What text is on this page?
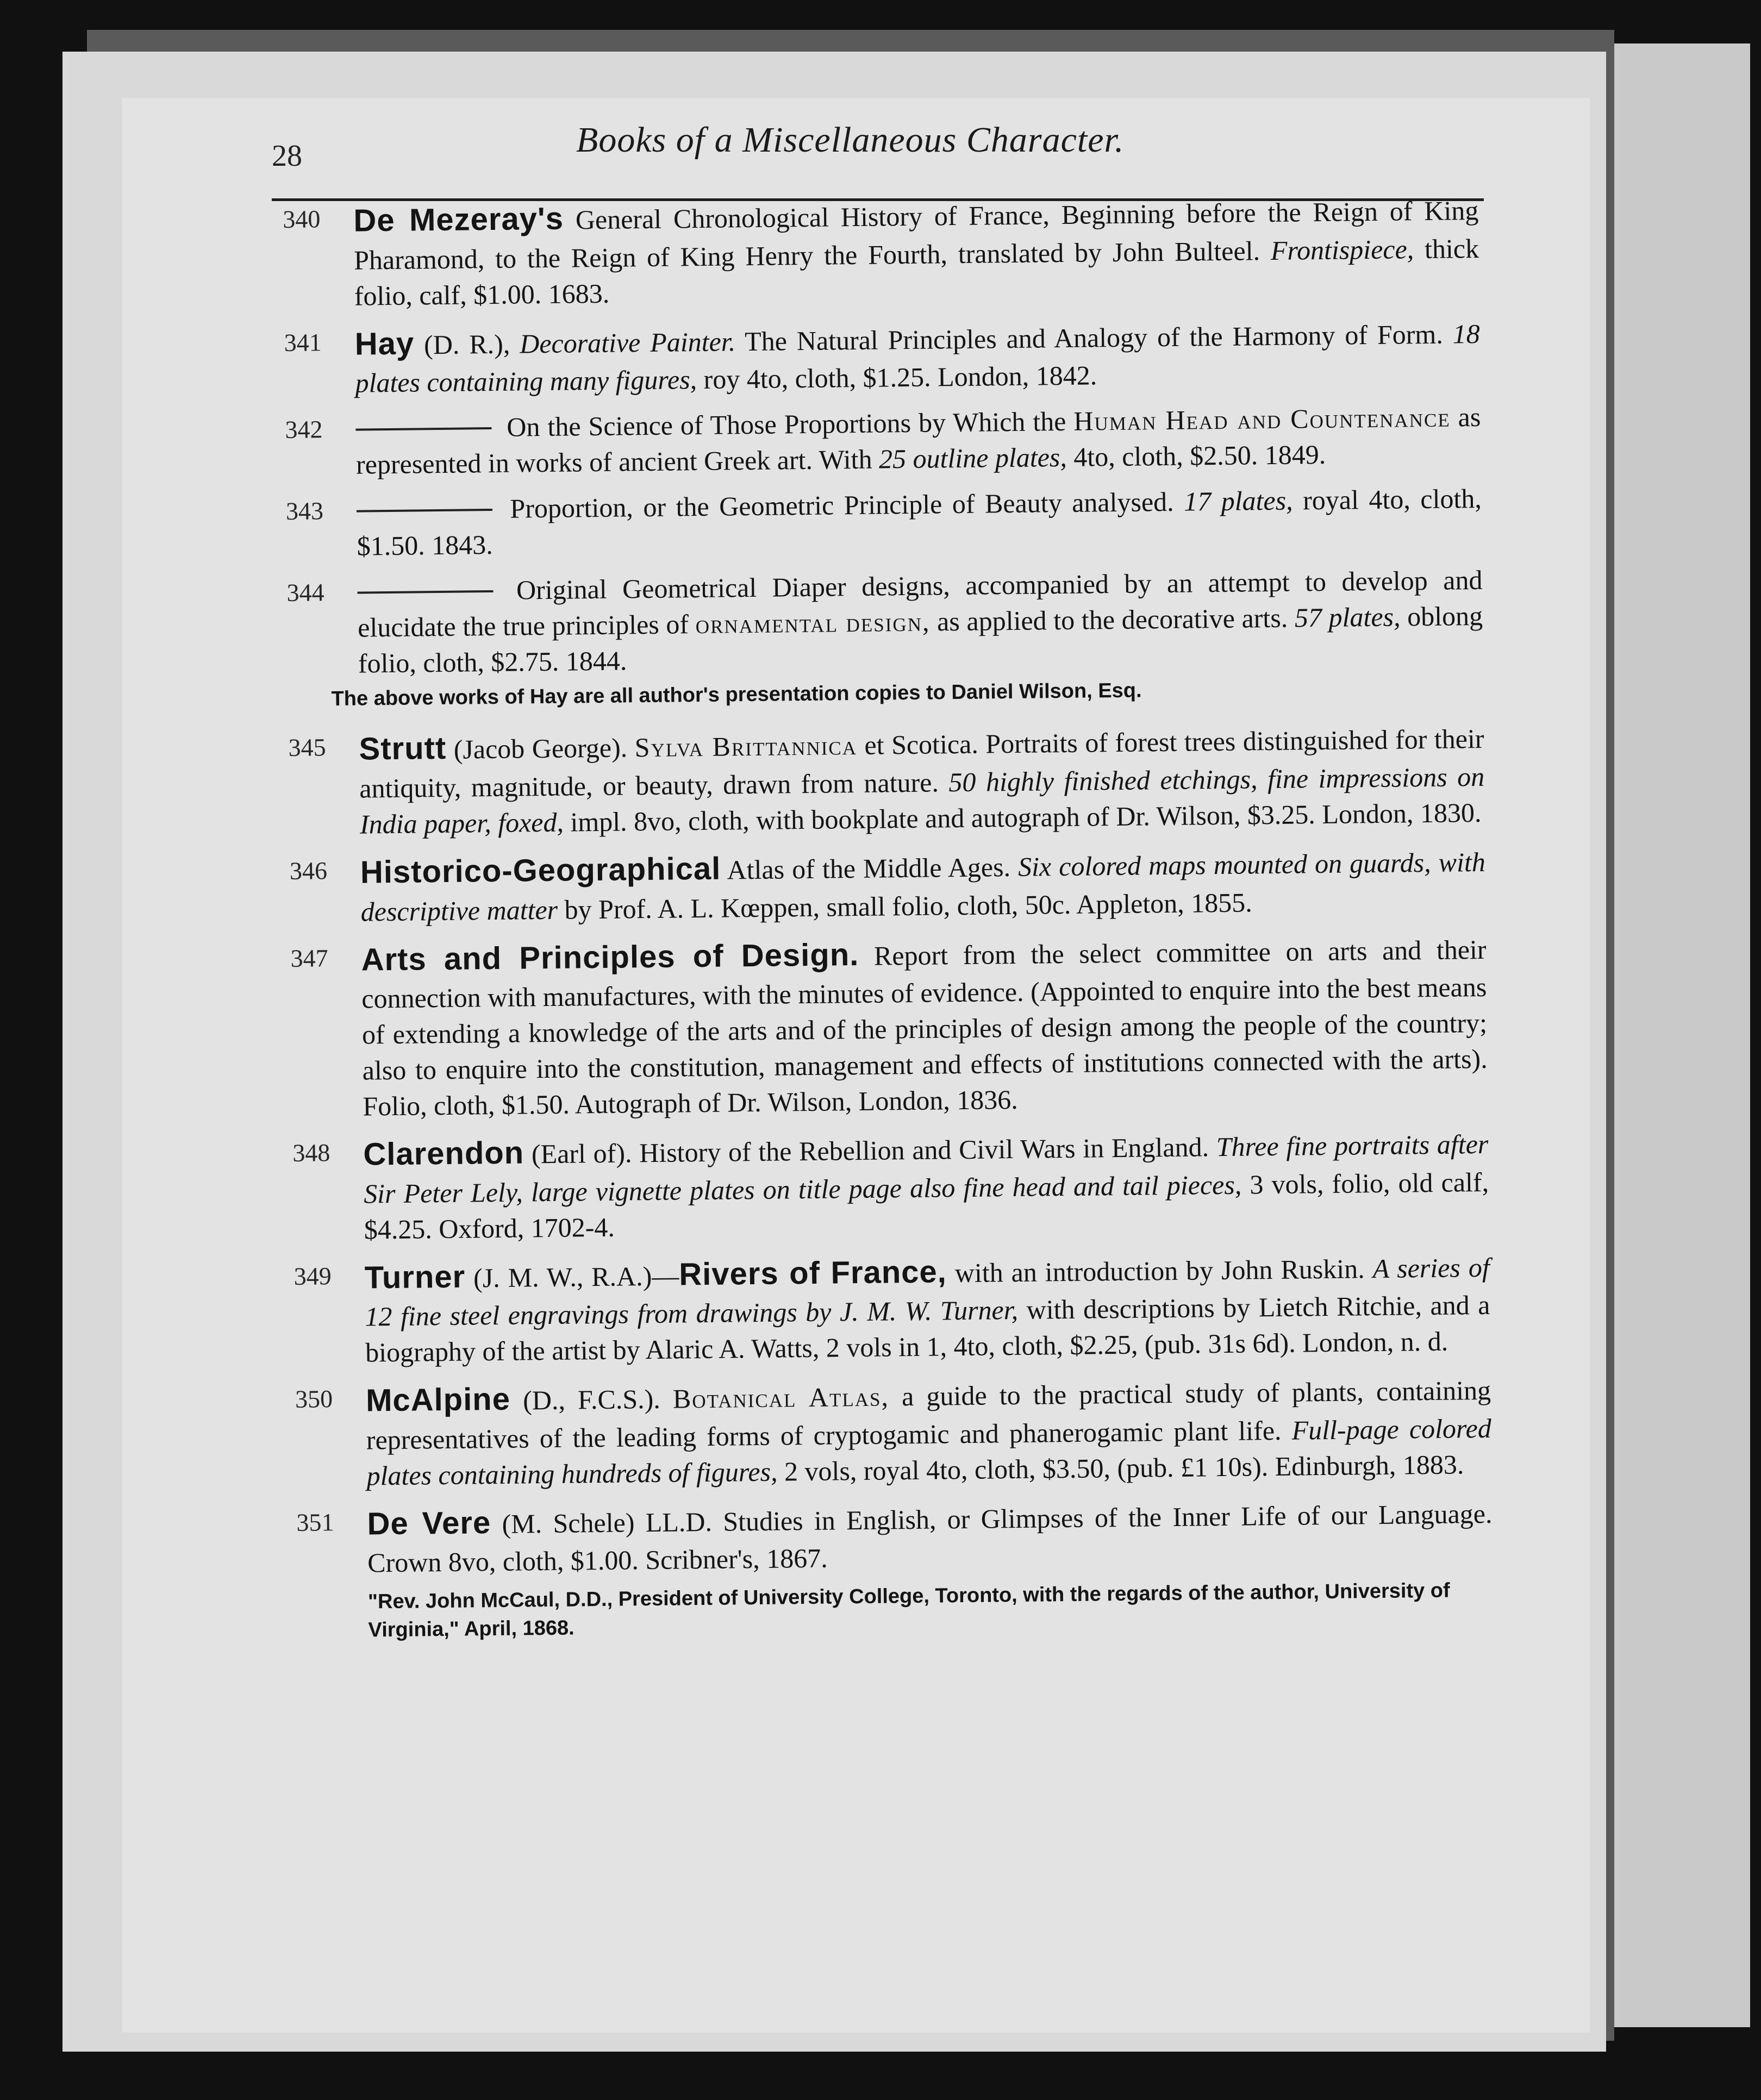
28	Books of a Miscellaneous Character.
340 De Mezeray's General Chronological History of France, Beginning before the Reign of King Pharamond, to the Reign of King Henry the Fourth, translated by John Bulteel. Frontispiece, thick folio, calf, $1.00. 1683.
341 Hay (D. R.), Decorative Painter. The Natural Principles and Analogy of the Harmony of Form. 18 plates containing many figures, roy 4to, cloth, $1.25. London, 1842.
342	On the Science of Those Proportions by Which the Human Head and Countenance as represented in works of ancient Greek art. With 25 outline plates, 4to, cloth, $2.50. 1849.
343	Proportion, or the Geometric Principle of Beauty analysed. 17 plates, royal 4to, cloth, $1.50. 1843.
344	Original Geometrical Diaper designs, accompanied by an attempt to develop and elucidate the true principles of ornamental design, as applied to the decorative arts. 57 plates, oblong folio, cloth, $2.75. 1844.
The above works of Hay are all author's presentation copies to Daniel Wilson, Esq.
345 Strutt (Jacob George). Sylva Brittannica et Scotica. Portraits of forest trees distinguished for their antiquity, magnitude, or beauty, drawn from nature. 50 highly finished etchings, fine impressions on India paper, foxed, impl. 8vo, cloth, with bookplate and autograph of Dr. Wilson, $3.25. London, 1830.
346 Historico-Geographical Atlas of the Middle Ages. Six colored maps mounted on guards, with descriptive matter by Prof. A. L. Kœppen, small folio, cloth, 50c. Appleton, 1855.
347 Arts and Principles of Design. Report from the select committee on arts and their connection with manufactures, with the minutes of evidence. (Appointed to enquire into the best means of extending a knowledge of the arts and of the principles of design among the people of the country; also to enquire into the constitution, management and effects of institutions connected with the arts). Folio, cloth, $1.50. Autograph of Dr. Wilson, London, 1836.
348 Clarendon (Earl of). History of the Rebellion and Civil Wars in England. Three fine portraits after Sir Peter Lely, large vignette plates on title page also fine head and tail pieces, 3 vols, folio, old calf, $4.25. Oxford, 1702-4.
349 Turner (J. M. W., R.A.)—Rivers of France, with an introduction by John Ruskin. A series of 12 fine steel engravings from drawings by J. M. W. Turner, with descriptions by Lietch Ritchie, and a biography of the artist by Alaric A. Watts, 2 vols in 1, 4to, cloth, $2.25, (pub. 31s 6d). London, n. d.
350 McAlpine (D., F.C.S.). Botanical Atlas, a guide to the practical study of plants, containing representatives of the leading forms of cryptogamic and phanerogamic plant life. Full-page colored plates containing hundreds of figures, 2 vols, royal 4to, cloth, $3.50, (pub. £1 10s). Edinburgh, 1883.
351 De Vere (M. Schele) LL.D. Studies in English, or Glimpses of the Inner Life of our Language. Crown 8vo, cloth, $1.00. Scribner's, 1867.
"Rev. John McCaul, D.D., President of University College, Toronto, with the regards of the author, University of Virginia," April, 1868.
